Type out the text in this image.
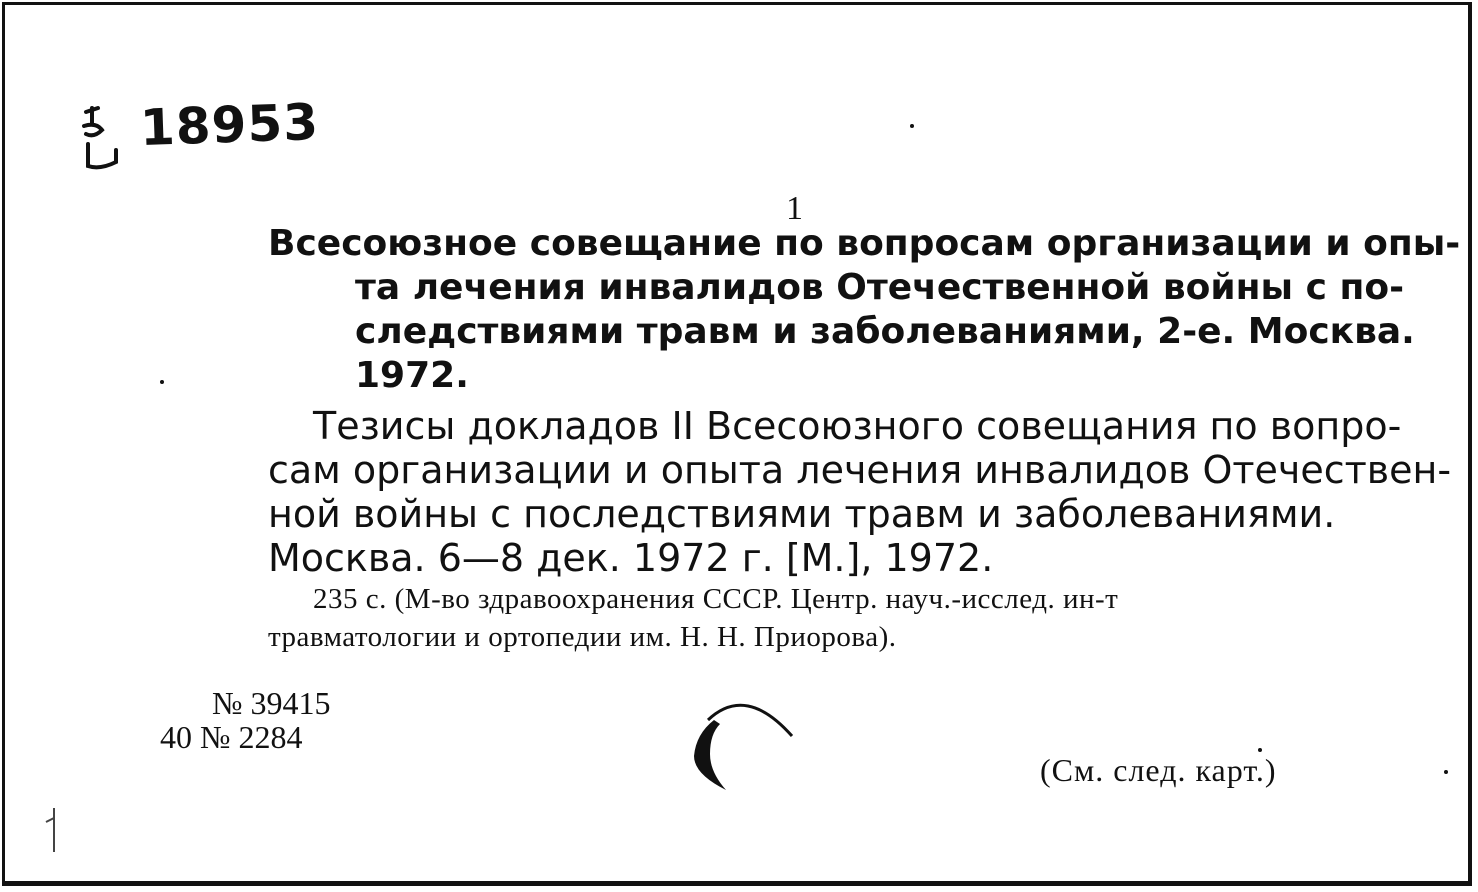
18953
1
Всесоюзное совещание по вопросам организации и опы-
та лечения инвалидов Отечественной войны с по-
следствиями травм и заболеваниями, 2-е. Москва.
1972.
Тезисы докладов II Всесоюзного совещания по вопро-
сам организации и опыта лечения инвалидов Отечествен-
ной войны с последствиями травм и заболеваниями.
Москва. 6—8 дек. 1972 г. [М.], 1972.
235 с. (М-во здравоохранения СССР. Центр. науч.-исслед. ин-т
травматологии и ортопедии им. Н. Н. Приорова).
№ 39415
40 № 2284
(См. след. карт.)
